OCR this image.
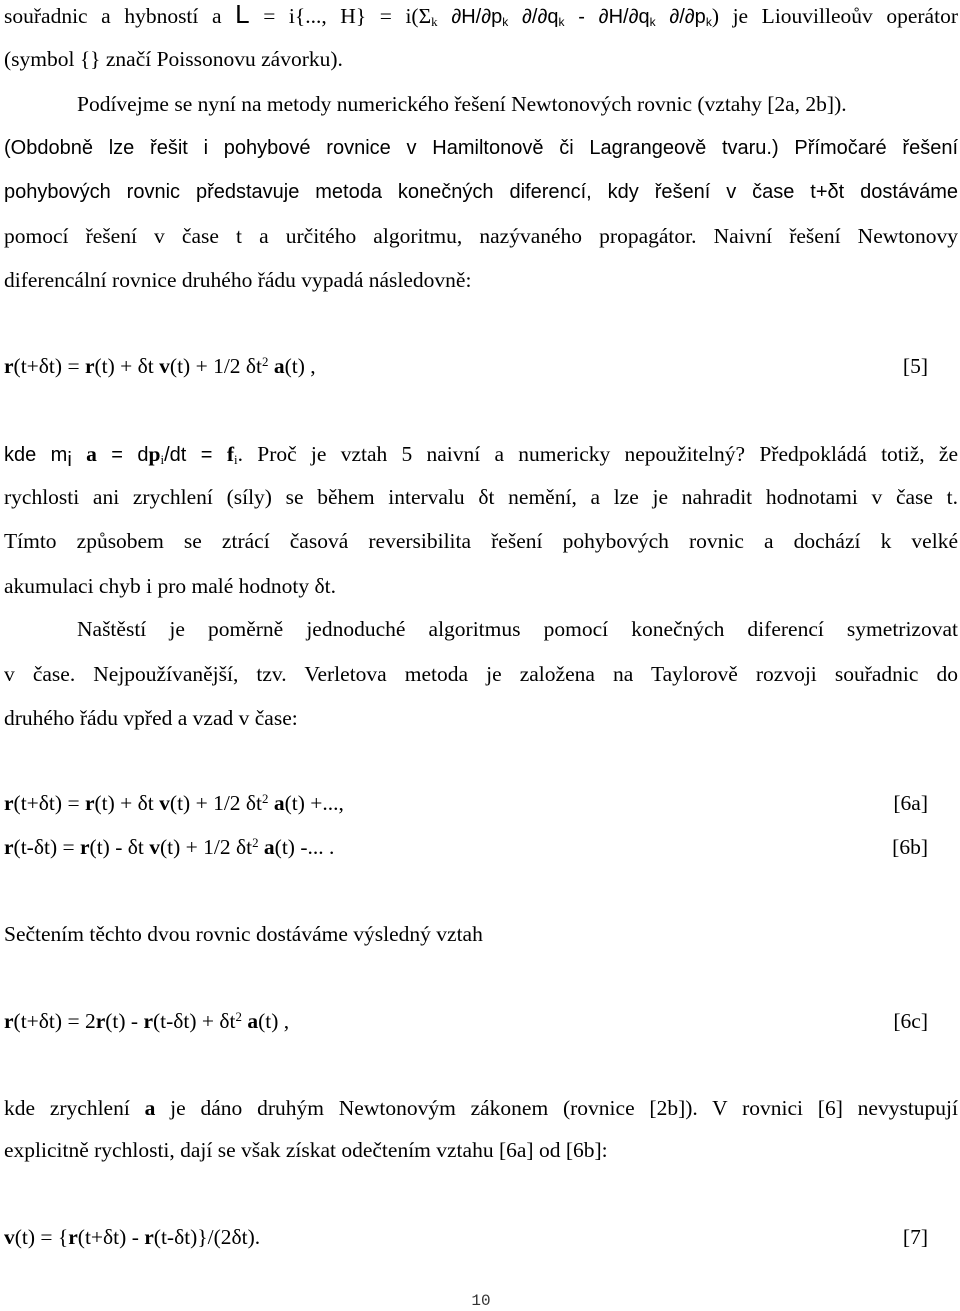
souřadnic a hybností a L = i{..., $H\} = i(\Sigma_k$ $\partial H/\partial p_k$ $\partial/\partial q_k - \partial H/\partial q_k$ $\partial/\partial p_k$) je Liouvilleoův operátor
(symbol {} značí Poissonovu závorku).
Podívejme se nyní na metody numerického řešení Newtonových rovnic (vztahy [2a, 2b]).
(Obdobně lze řešit i pohybové rovnice v Hamiltonově či Lagrangeově tvaru.) Přímočaré řešení
pohybových rovnic představuje metoda konečných diferencí, kdy řešení v čase t+δt dostáváme
pomocí řešení v čase t a určitého algoritmu, nazývaného propagátor. Naivní řešení Newtonovy
diferencální rovnice druhého řádu vypadá následovně:
r(t+δt) = r(t) + δt v(t) + 1/2 $\delta t^2$ a(t) ,	[5]
kde $m_i$ $a = dp_i/dt = f_i$. Proč je vztah 5 naivní a numericky nepoužitelný? Předpokládá totiž, že
rychlosti ani zrychlení (síly) se během intervalu δt nemění, a lze je nahradit hodnotami v čase t.
Tímto způsobem se ztrácí časová reversibilita řešení pohybových rovnic a dochází k velké
akumulaci chyb i pro malé hodnoty δt.
Naštěstí je poměrně jednoduché algoritmus pomocí konečných diferencí symetrizovat
v čase. Nejpoužívanější, tzv. Verletova metoda je založena na Taylorově rozvoji souřadnic do
druhého řádu vpřed a vzad v čase:
r(t+δt) = r(t) + δt v(t) + 1/2 $\delta t^2$ a(t) +...,	[6a]
r(t-δt) = r(t) - δt v(t) + 1/2 $\delta t^2$ a(t) -... .	[6b]
Sečtením těchto dvou rovnic dostáváme výsledný vztah
$r(t+\delta t) = 2r(t) - r(t-\delta t) + \delta t^2$ a(t) ,	[6c]
kde zrychlení a je dáno druhým Newtonovým zákonem (rovnice [2b]). V rovnici [6] nevystupují
explicitně rychlosti, dají se však získat odečtením vztahu [6a] od [6b]:
v(t) = {r(t+δt) - r(t-δt)}/(2δt).	[7]
10
